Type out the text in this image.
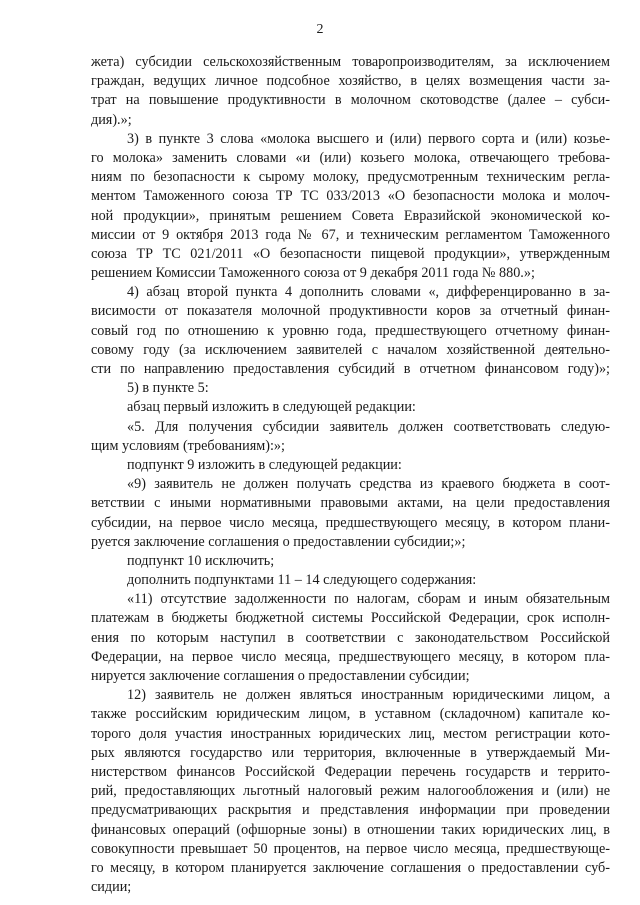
2
жета) субсидии сельскохозяйственным товаропроизводителям, за исключением
граждан, ведущих личное подсобное хозяйство, в целях возмещения части за-
трат на повышение продуктивности в молочном скотоводстве (далее – субси-
дия).»;
3) в пункте 3 слова «молока высшего и (или) первого сорта и (или) козье-
го молока» заменить словами «и (или) козьего молока, отвечающего требова-
ниям по безопасности к сырому молоку, предусмотренным техническим регла-
ментом Таможенного союза ТР ТС 033/2013 «О безопасности молока и молоч-
ной продукции», принятым решением Совета Евразийской экономической ко-
миссии от 9 октября 2013 года № 67, и техническим регламентом Таможенного
союза ТР ТС 021/2011 «О безопасности пищевой продукции», утвержденным
решением Комиссии Таможенного союза от 9 декабря 2011 года № 880.»;
4) абзац второй пункта 4 дополнить словами «, дифференцированно в за-
висимости от показателя молочной продуктивности коров за отчетный финан-
совый год по отношению к уровню года, предшествующего отчетному финан-
совому году (за исключением заявителей с началом хозяйственной деятельно-
сти по направлению предоставления субсидий в отчетном финансовом году)»;
5) в пункте 5:
абзац первый изложить в следующей редакции:
«5. Для получения субсидии заявитель должен соответствовать следую-
щим условиям (требованиям):»;
подпункт 9 изложить в следующей редакции:
«9) заявитель не должен получать средства из краевого бюджета в соот-
ветствии с иными нормативными правовыми актами, на цели предоставления
субсидии, на первое число месяца, предшествующего месяцу, в котором плани-
руется заключение соглашения о предоставлении субсидии;»;
подпункт 10 исключить;
дополнить подпунктами 11 – 14 следующего содержания:
«11) отсутствие задолженности по налогам, сборам и иным обязательным
платежам в бюджеты бюджетной системы Российской Федерации, срок исполн-
ения по которым наступил в соответствии с законодательством Российской
Федерации, на первое число месяца, предшествующего месяцу, в котором пла-
нируется заключение соглашения о предоставлении субсидии;
12) заявитель не должен являться иностранным юридическими лицом, а
также российским юридическим лицом, в уставном (складочном) капитале ко-
торого доля участия иностранных юридических лиц, местом регистрации кото-
рых являются государство или территория, включенные в утверждаемый Ми-
нистерством финансов Российской Федерации перечень государств и террито-
рий, предоставляющих льготный налоговый режим налогообложения и (или) не
предусматривающих раскрытия и представления информации при проведении
финансовых операций (офшорные зоны) в отношении таких юридических лиц, в
совокупности превышает 50 процентов, на первое число месяца, предшествующе-
го месяцу, в котором планируется заключение соглашения о предоставлении суб-
сидии;
